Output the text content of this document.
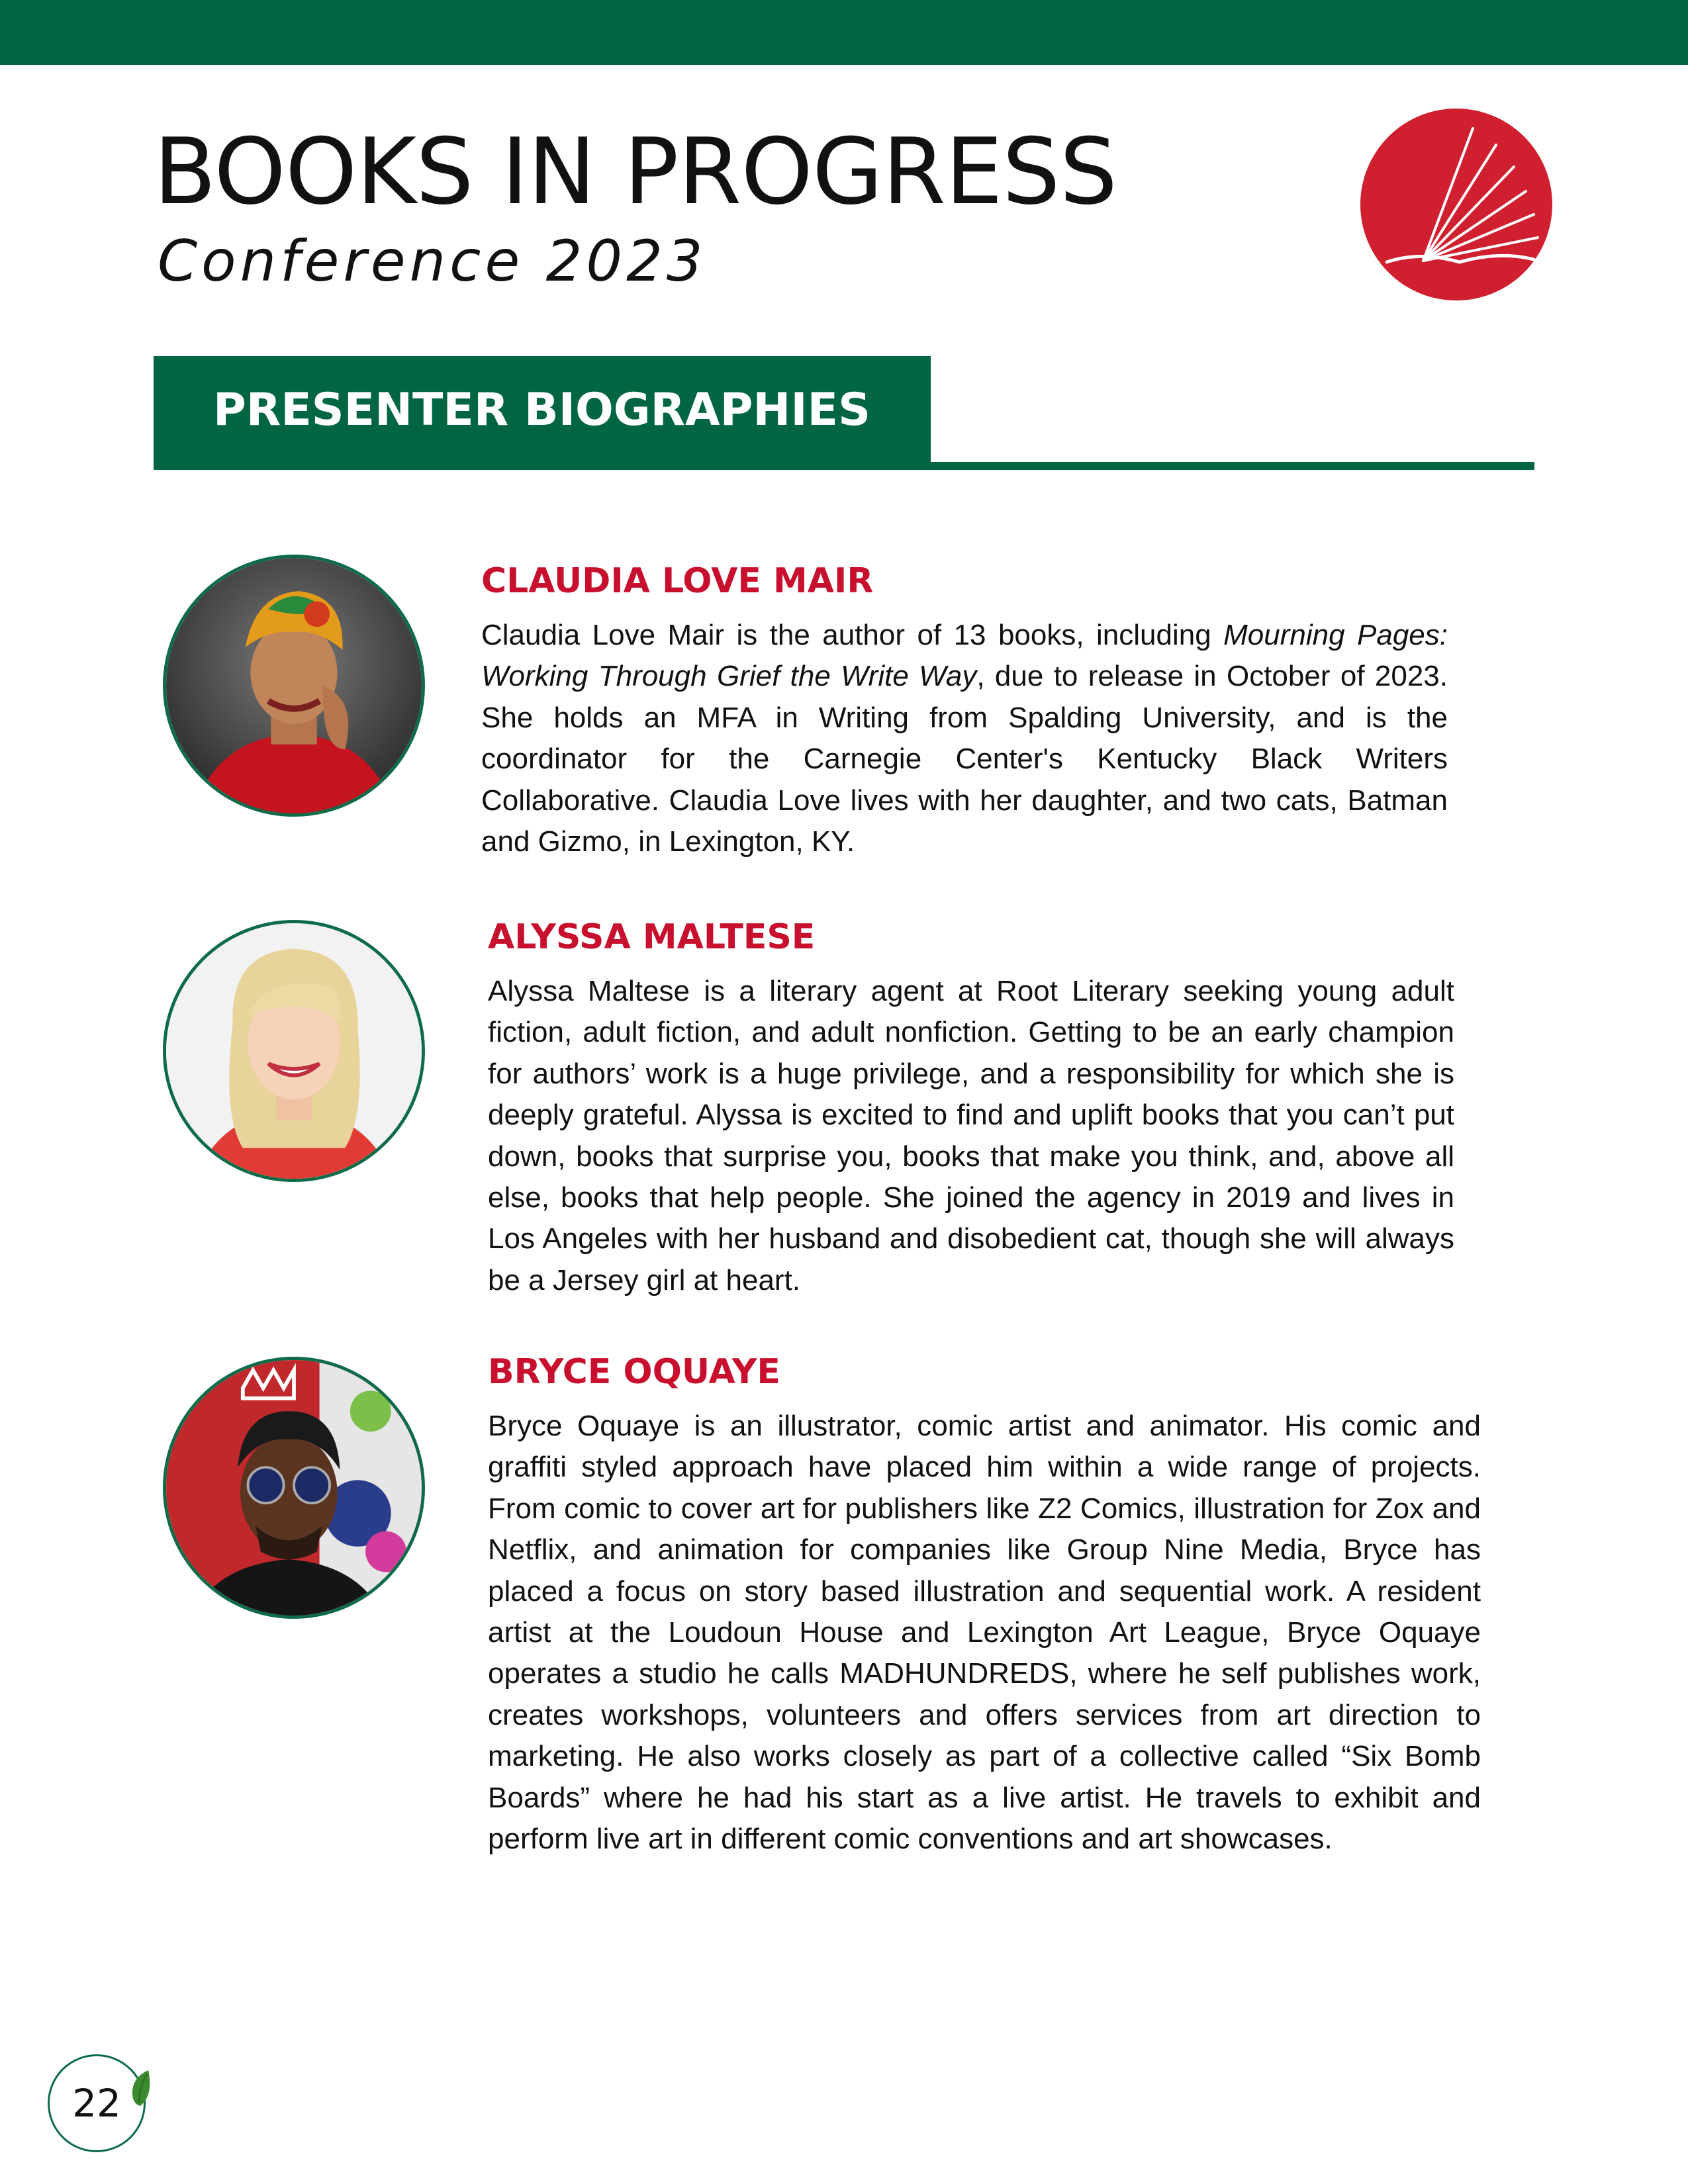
BOOKS IN PROGRESS
Conference 2023
PRESENTER BIOGRAPHIES
CLAUDIA LOVE MAIR

Claudia Love Mair is the author of 13 books, including Mourning Pages: Working Through Grief the Write Way, due to release in October of 2023. She holds an MFA in Writing from Spalding University, and is the coordinator for the Carnegie Center's Kentucky Black Writers Collaborative. Claudia Love lives with her daughter, and two cats, Batman and Gizmo, in Lexington, KY.

ALYSSA MALTESE

Alyssa Maltese is a literary agent at Root Literary seeking young adult fiction, adult fiction, and adult nonfiction. Getting to be an early champion for authors’ work is a huge privilege, and a responsibility for which she is deeply grateful. Alyssa is excited to find and uplift books that you can’t put down, books that surprise you, books that make you think, and, above all else, books that help people. She joined the agency in 2019 and lives in Los Angeles with her husband and disobedient cat, though she will always be a Jersey girl at heart.

BRYCE OQUAYE

Bryce Oquaye is an illustrator, comic artist and animator. His comic and graffiti styled approach have placed him within a wide range of projects. From comic to cover art for publishers like Z2 Comics, illustration for Zox and Netflix, and animation for companies like Group Nine Media, Bryce has placed a focus on story based illustration and sequential work. A resident artist at the Loudoun House and Lexington Art League, Bryce Oquaye operates a studio he calls MADHUNDREDS, where he self publishes work, creates workshops, volunteers and offers services from art direction to marketing. He also works closely as part of a collective called “Six Bomb Boards” where he had his start as a live artist. He travels to exhibit and perform live art in different comic conventions and art showcases.

22
